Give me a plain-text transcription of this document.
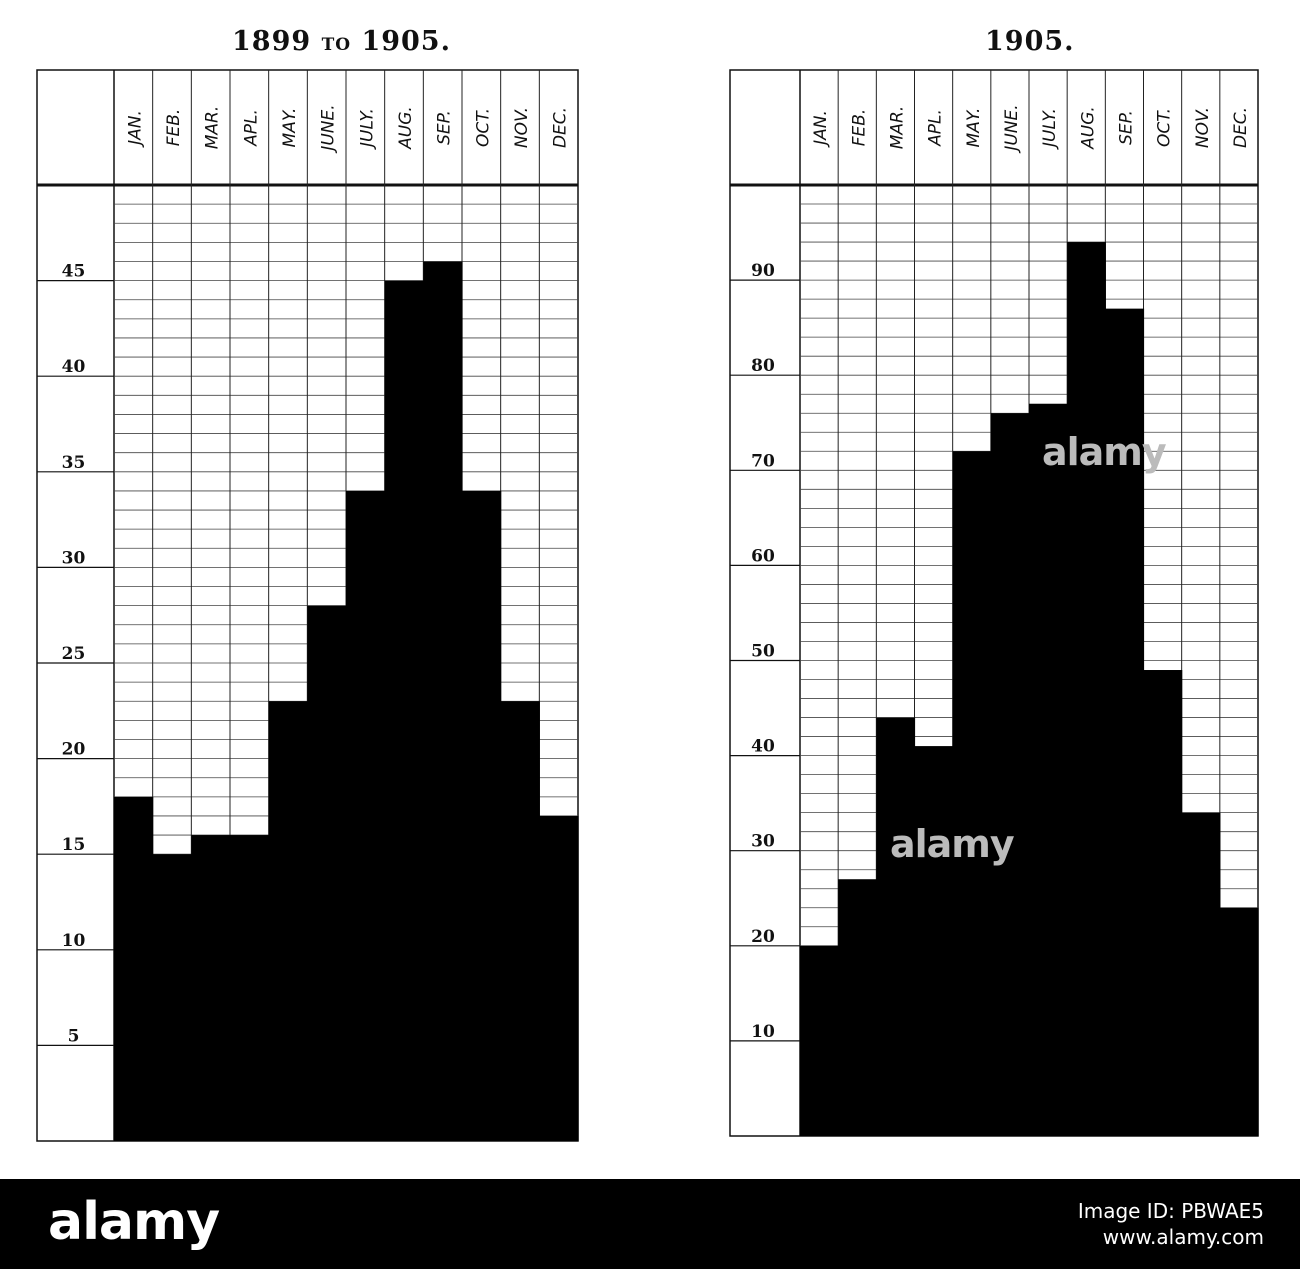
1899 TO 1905.	1905.
JAN. FEB. MAR. APL. MAY. JUNE. JULY. AUG. SEP. OCT. NOV. DEC.
5
10
15
20
25
30
35
40
45
JAN. FEB. MAR. APL. MAY. JUNE. JULY. AUG. SEP. OCT. NOV. DEC.
10
20
30
40
50
60
70
80
90
alamy
alamy
alamy	Image ID: PBWAE5
www.alamy.com
